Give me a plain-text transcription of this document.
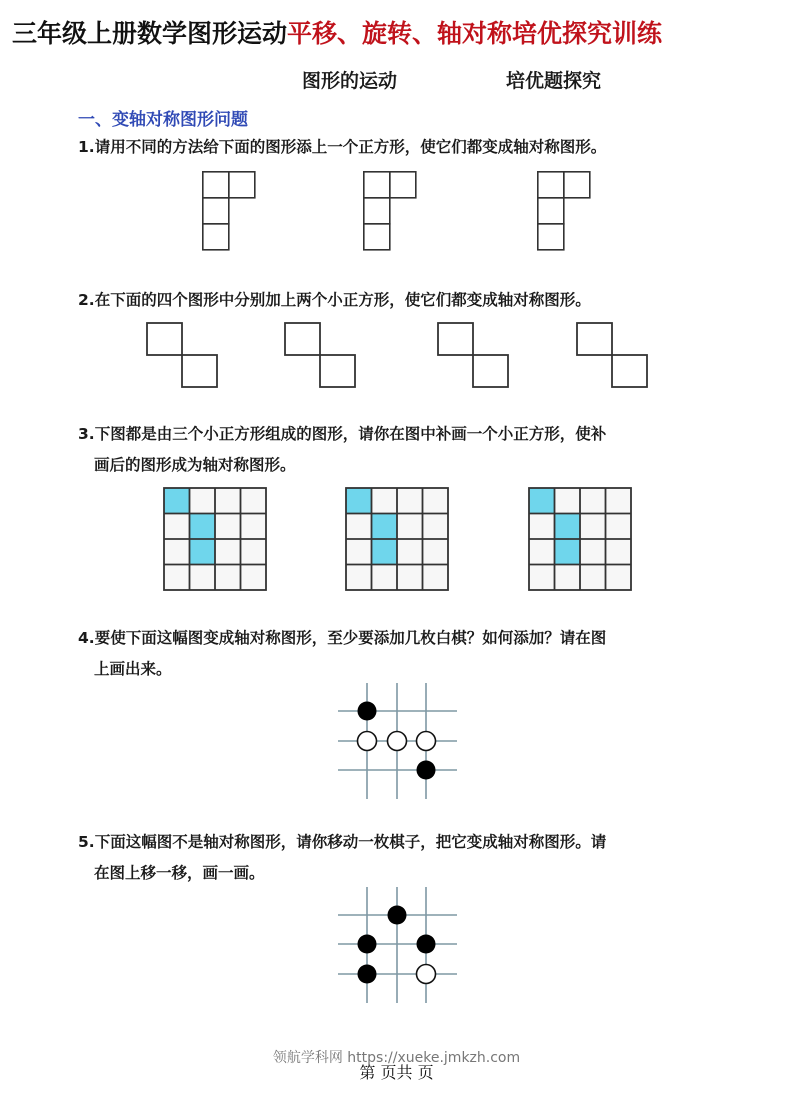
三年级上册数学图形运动平移、旋转、轴对称培优探究训练
图形的运动	培优题探究
一、变轴对称图形问题
1.请用不同的方法给下面的图形添上一个正方形，使它们都变成轴对称图形。
2.在下面的四个图形中分别加上两个小正方形，使它们都变成轴对称图形。
3.下图都是由三个小正方形组成的图形，请你在图中补画一个小正方形，使补
画后的图形成为轴对称图形。
4.要使下面这幅图变成轴对称图形，至少要添加几枚白棋？如何添加？请在图
上画出来。
5.下面这幅图不是轴对称图形，请你移动一枚棋子，把它变成轴对称图形。请
在图上移一移，画一画。
领航学科网 https://xueke.jmkzh.com
第 页共 页
